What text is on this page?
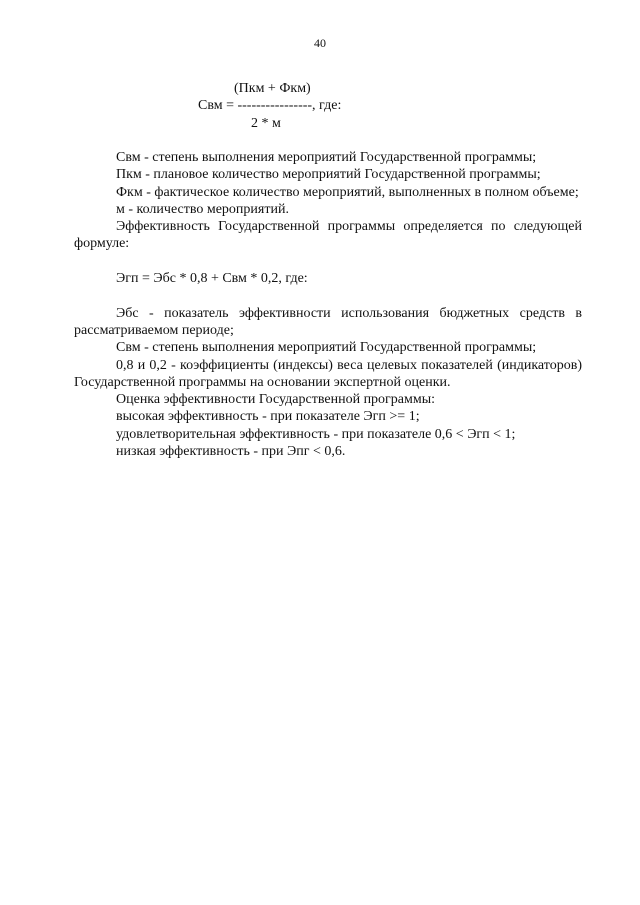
40
(Пкм + Фкм)
Свм = ----------------, где:
2 * м

Свм - степень выполнения мероприятий Государственной программы;

Пкм - плановое количество мероприятий Государственной программы;

Фкм - фактическое количество мероприятий, выполненных в полном объеме;

м - количество мероприятий.

Эффективность Государственной программы определяется по следующей формуле:

Эгп = Эбс * 0,8 + Свм * 0,2, где:

Эбс - показатель эффективности использования бюджетных средств в рассматриваемом периоде;

Свм - степень выполнения мероприятий Государственной программы;

0,8 и 0,2 - коэффициенты (индексы) веса целевых показателей (индикаторов) Государственной программы на основании экспертной оценки.

Оценка эффективности Государственной программы:

высокая эффективность - при показателе Эгп >= 1;

удовлетворительная эффективность - при показателе 0,6 < Эгп < 1;

низкая эффективность - при Эпг < 0,6.
